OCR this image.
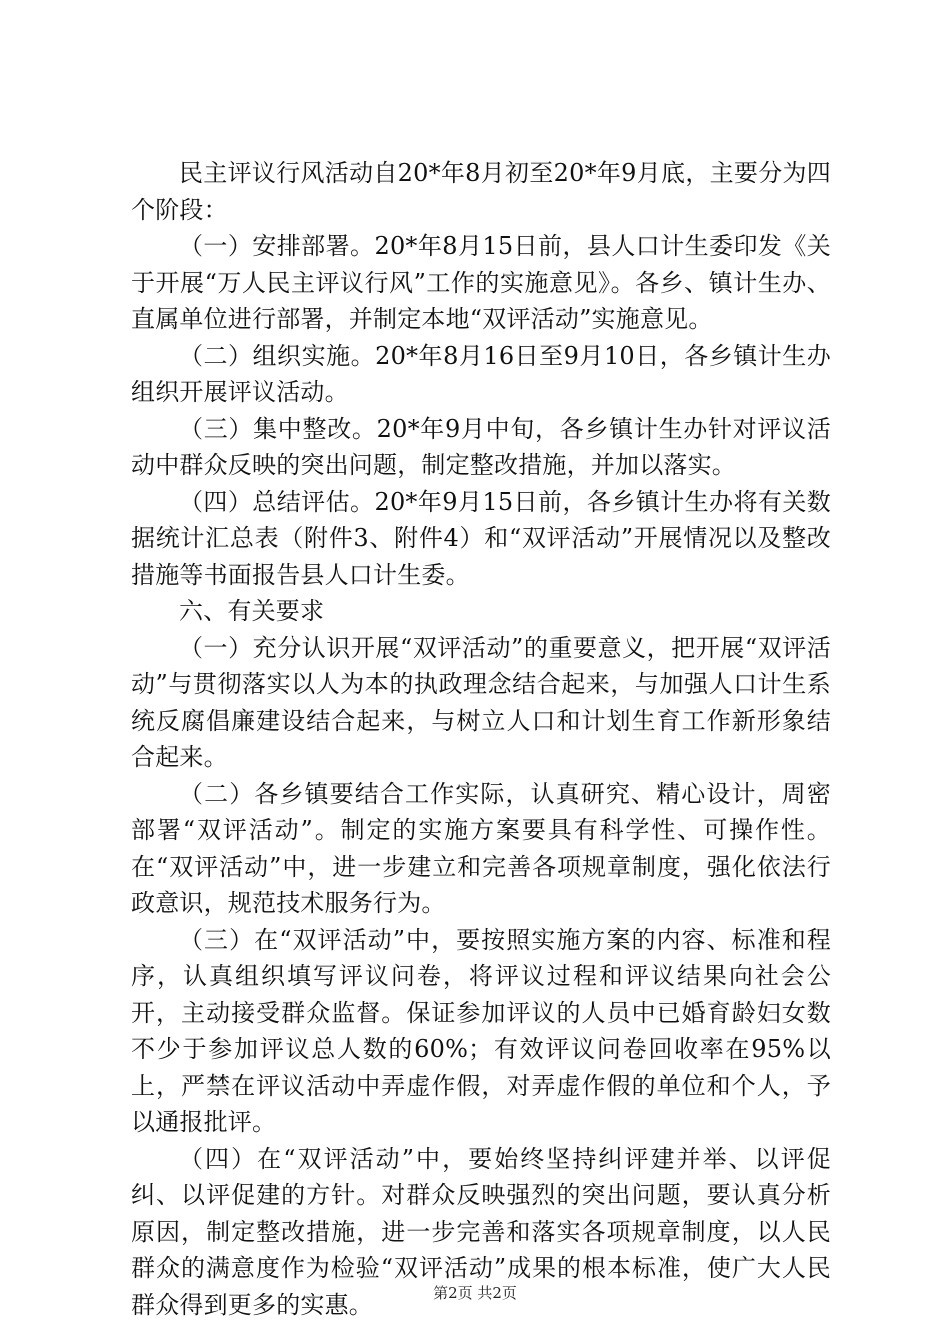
民主评议行风活动自20*年8月初至20*年9月底，主要分为四个阶段：

（一）安排部署。20*年8月15日前，县人口计生委印发《关于开展“万人民主评议行风”工作的实施意见》。各乡、镇计生办、直属单位进行部署，并制定本地“双评活动”实施意见。

（二）组织实施。20*年8月16日至9月10日，各乡镇计生办组织开展评议活动。

（三）集中整改。20*年9月中旬，各乡镇计生办针对评议活动中群众反映的突出问题，制定整改措施，并加以落实。

（四）总结评估。20*年9月15日前，各乡镇计生办将有关数据统计汇总表（附件3、附件4）和“双评活动”开展情况以及整改措施等书面报告县人口计生委。

六、有关要求

（一）充分认识开展“双评活动”的重要意义，把开展“双评活动”与贯彻落实以人为本的执政理念结合起来，与加强人口计生系统反腐倡廉建设结合起来，与树立人口和计划生育工作新形象结合起来。

（二）各乡镇要结合工作实际，认真研究、精心设计，周密部署“双评活动”。制定的实施方案要具有科学性、可操作性。在“双评活动”中，进一步建立和完善各项规章制度，强化依法行政意识，规范技术服务行为。

（三）在“双评活动”中，要按照实施方案的内容、标准和程序，认真组织填写评议问卷，将评议过程和评议结果向社会公开，主动接受群众监督。保证参加评议的人员中已婚育龄妇女数不少于参加评议总人数的60%；有效评议问卷回收率在95%以上，严禁在评议活动中弄虚作假，对弄虚作假的单位和个人，予以通报批评。

（四）在“双评活动”中，要始终坚持纠评建并举、以评促纠、以评促建的方针。对群众反映强烈的突出问题，要认真分析原因，制定整改措施，进一步完善和落实各项规章制度，以人民群众的满意度作为检验“双评活动”成果的根本标准，使广大人民群众得到更多的实惠。	第2页 共2页
